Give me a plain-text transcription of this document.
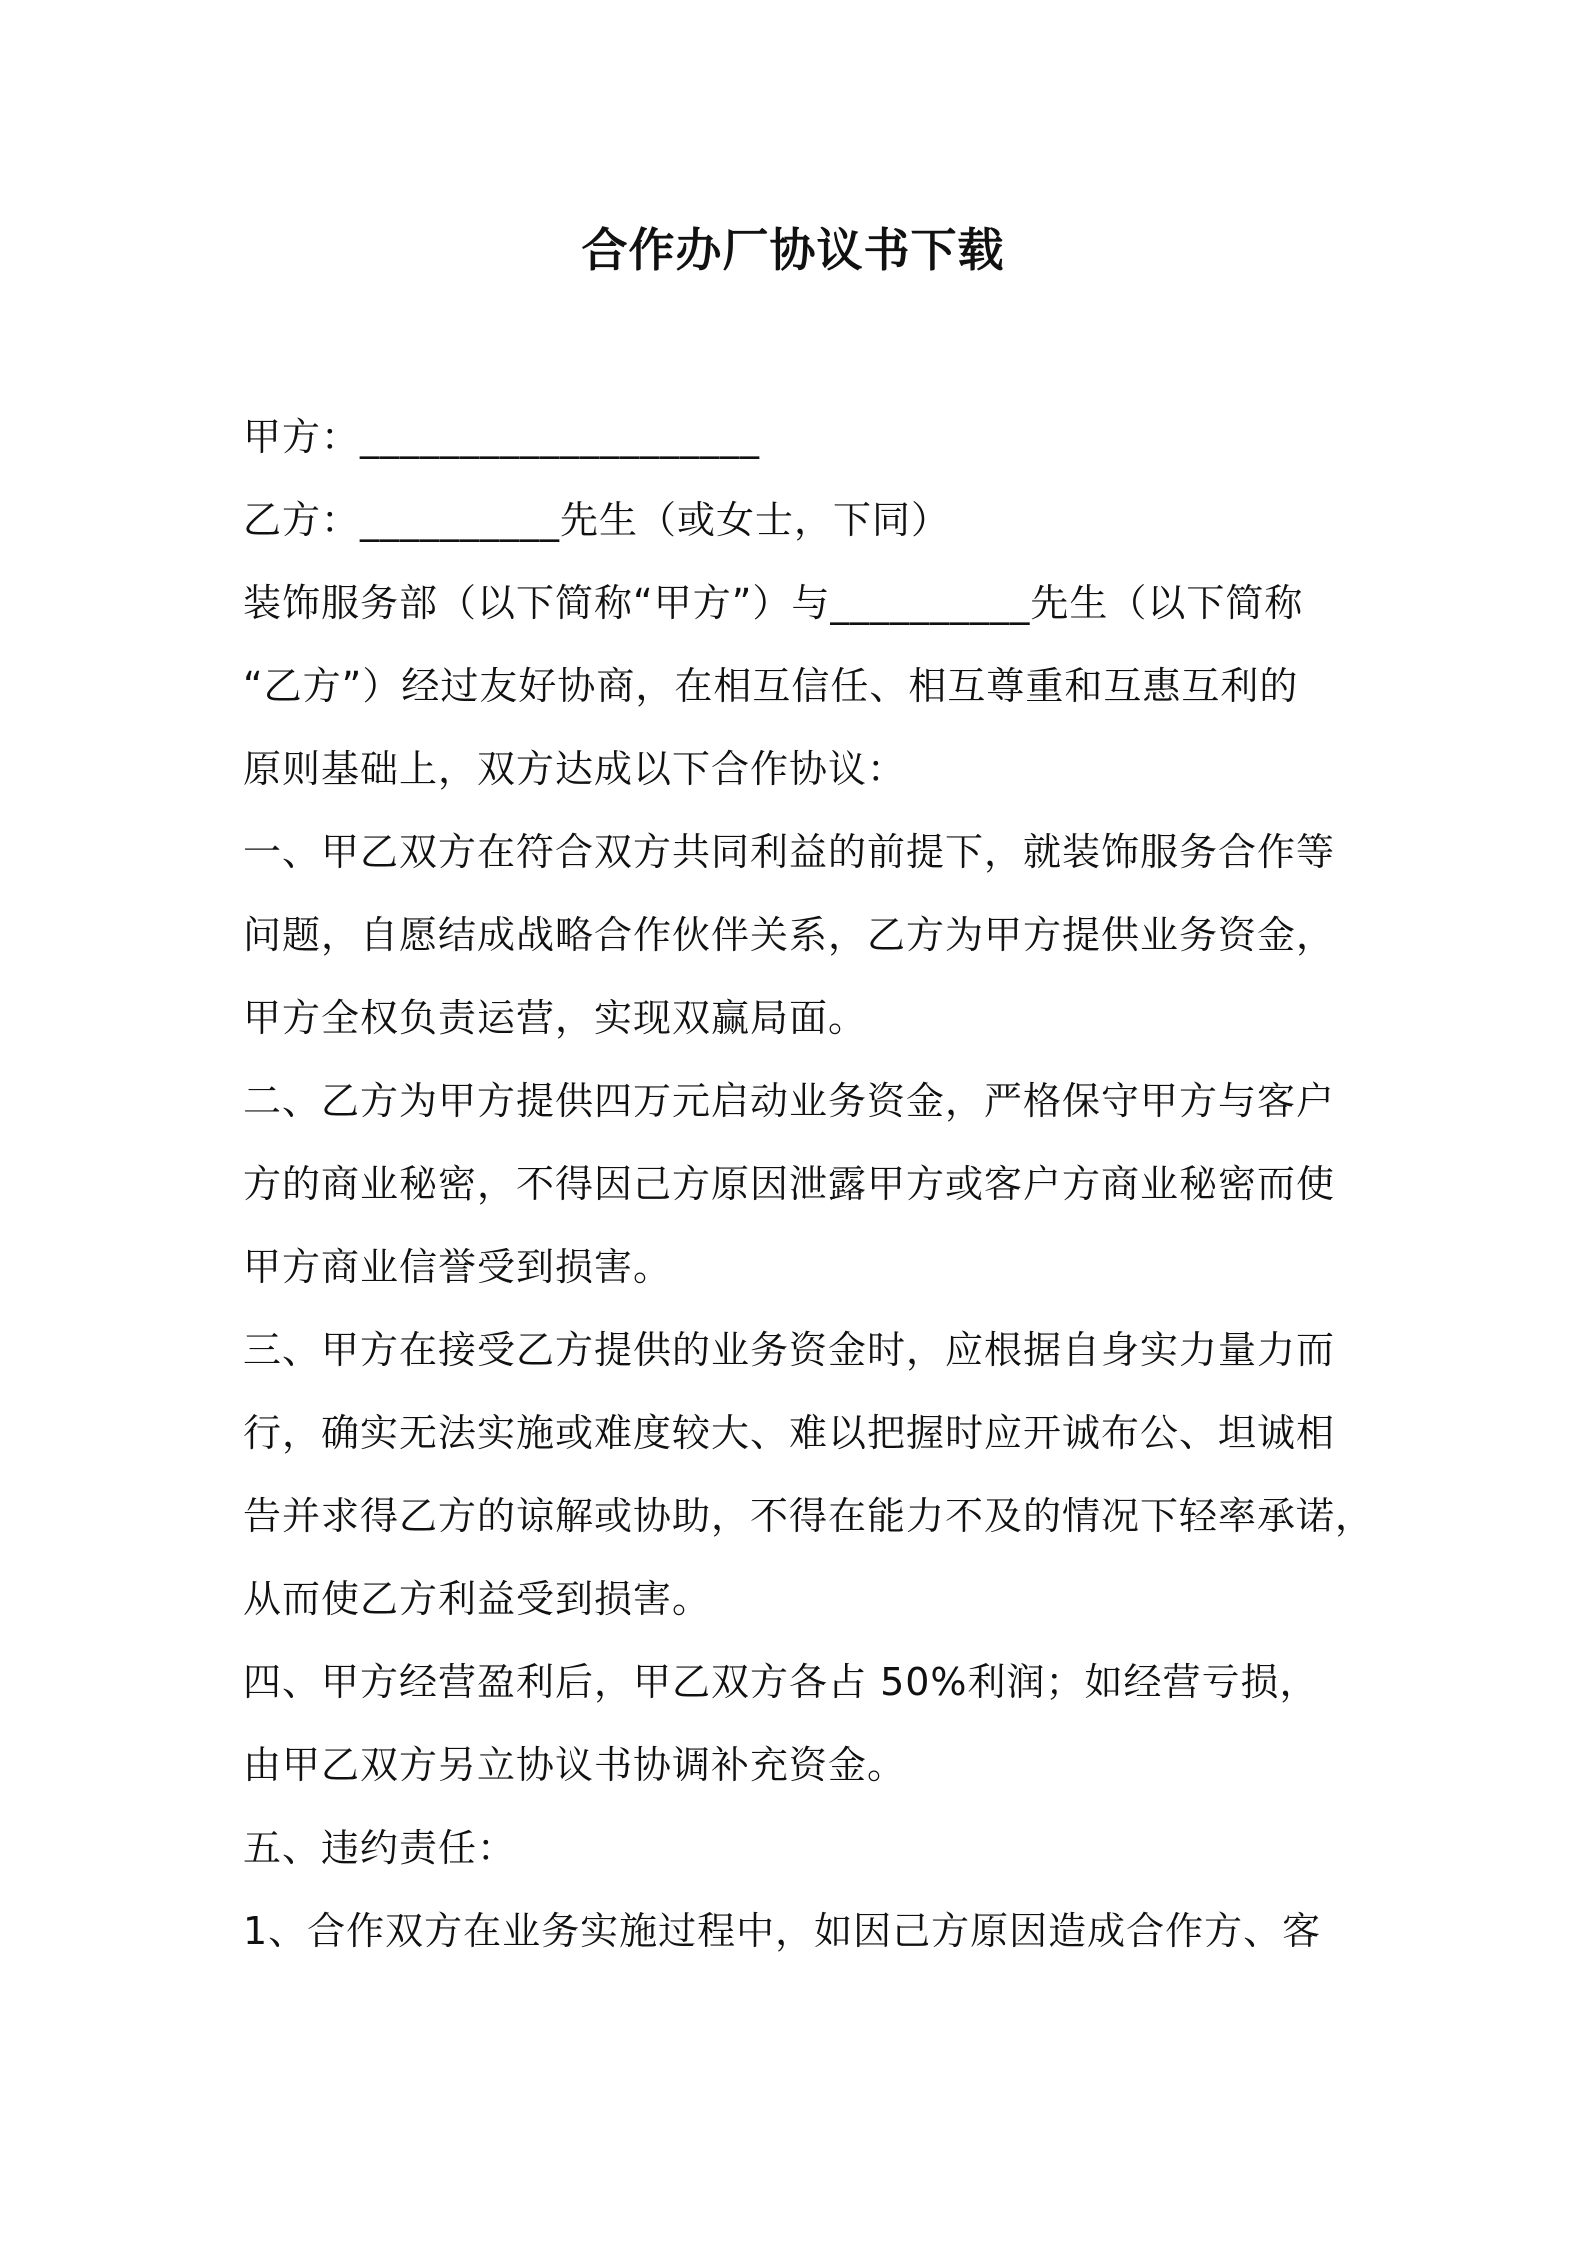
合作办厂协议书下载
甲方：____________________
乙方：__________先生（或女士，下同）
装饰服务部（以下简称“甲方”）与__________先生（以下简称
“乙方”）经过友好协商，在相互信任、相互尊重和互惠互利的
原则基础上，双方达成以下合作协议：
一、甲乙双方在符合双方共同利益的前提下，就装饰服务合作等
问题，自愿结成战略合作伙伴关系，乙方为甲方提供业务资金，
甲方全权负责运营，实现双赢局面。
二、乙方为甲方提供四万元启动业务资金，严格保守甲方与客户
方的商业秘密，不得因己方原因泄露甲方或客户方商业秘密而使
甲方商业信誉受到损害。
三、甲方在接受乙方提供的业务资金时，应根据自身实力量力而
行，确实无法实施或难度较大、难以把握时应开诚布公、坦诚相
告并求得乙方的谅解或协助，不得在能力不及的情况下轻率承诺，
从而使乙方利益受到损害。
四、甲方经营盈利后，甲乙双方各占 50%利润；如经营亏损，
由甲乙双方另立协议书协调补充资金。
五、违约责任：
1、合作双方在业务实施过程中，如因己方原因造成合作方、客
